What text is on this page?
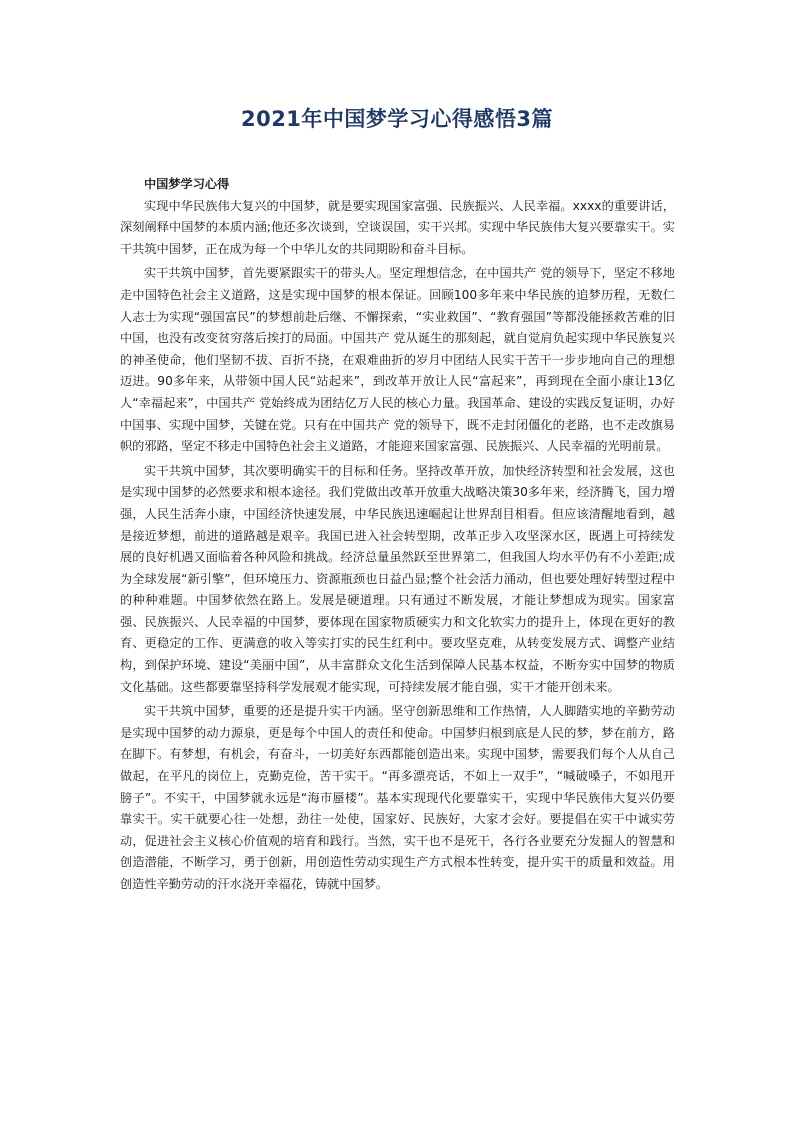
2021年中国梦学习心得感悟3篇

中国梦学习心得

实现中华民族伟大复兴的中国梦，就是要实现国家富强、民族振兴、人民幸福。xxxx的重要讲话，深刻阐释中国梦的本质内涵;他还多次谈到，空谈误国，实干兴邦。实现中华民族伟大复兴要靠实干。实干共筑中国梦，正在成为每一个中华儿女的共同期盼和奋斗目标。

实干共筑中国梦，首先要紧跟实干的带头人。坚定理想信念，在中国共产 党的领导下，坚定不移地走中国特色社会主义道路，这是实现中国梦的根本保证。回顾100多年来中华民族的追梦历程，无数仁人志士为实现“强国富民”的梦想前赴后继、不懈探索，“实业救国”、“教育强国”等都没能拯救苦难的旧中国，也没有改变贫穷落后挨打的局面。中国共产 党从诞生的那刻起，就自觉肩负起实现中华民族复兴的神圣使命，他们坚韧不拔、百折不挠，在艰难曲折的岁月中团结人民实干苦干一步步地向自己的理想迈进。90多年来，从带领中国人民“站起来”，到改革开放让人民“富起来”，再到现在全面小康让13亿人“幸福起来”，中国共产 党始终成为团结亿万人民的核心力量。我国革命、建设的实践反复证明，办好中国事、实现中国梦，关键在党。只有在中国共产 党的领导下，既不走封闭僵化的老路，也不走改旗易帜的邪路，坚定不移走中国特色社会主义道路，才能迎来国家富强、民族振兴、人民幸福的光明前景。

实干共筑中国梦，其次要明确实干的目标和任务。坚持改革开放，加快经济转型和社会发展，这也是实现中国梦的必然要求和根本途径。我们党做出改革开放重大战略决策30多年来，经济腾飞，国力增强，人民生活奔小康，中国经济快速发展，中华民族迅速崛起让世界刮目相看。但应该清醒地看到，越是接近梦想，前进的道路越是艰辛。我国已进入社会转型期，改革正步入攻坚深水区，既遇上可持续发展的良好机遇又面临着各种风险和挑战。经济总量虽然跃至世界第二，但我国人均水平仍有不小差距;成为全球发展“新引擎”，但环境压力、资源瓶颈也日益凸显;整个社会活力涌动，但也要处理好转型过程中的种种难题。中国梦依然在路上。发展是硬道理。只有通过不断发展，才能让梦想成为现实。国家富强、民族振兴、人民幸福的中国梦，要体现在国家物质硬实力和文化软实力的提升上，体现在更好的教育、更稳定的工作、更满意的收入等实打实的民生红利中。要攻坚克难，从转变发展方式、调整产业结构，到保护环境、建设“美丽中国”，从丰富群众文化生活到保障人民基本权益，不断夯实中国梦的物质文化基础。这些都要靠坚持科学发展观才能实现，可持续发展才能自强，实干才能开创未来。

实干共筑中国梦，重要的还是提升实干内涵。坚守创新思维和工作热情，人人脚踏实地的辛勤劳动是实现中国梦的动力源泉，更是每个中国人的责任和使命。中国梦归根到底是人民的梦，梦在前方，路在脚下。有梦想，有机会，有奋斗，一切美好东西都能创造出来。实现中国梦，需要我们每个人从自己做起，在平凡的岗位上，克勤克俭，苦干实干。“再多漂亮话，不如上一双手”，“喊破嗓子，不如甩开膀子”。不实干，中国梦就永远是“海市蜃楼”。基本实现现代化要靠实干，实现中华民族伟大复兴仍要靠实干。实干就要心往一处想，劲往一处使，国家好、民族好，大家才会好。要提倡在实干中诚实劳动，促进社会主义核心价值观的培育和践行。当然，实干也不是死干，各行各业要充分发掘人的智慧和创造潜能，不断学习，勇于创新，用创造性劳动实现生产方式根本性转变，提升实干的质量和效益。用创造性辛勤劳动的汗水浇开幸福花，铸就中国梦。
